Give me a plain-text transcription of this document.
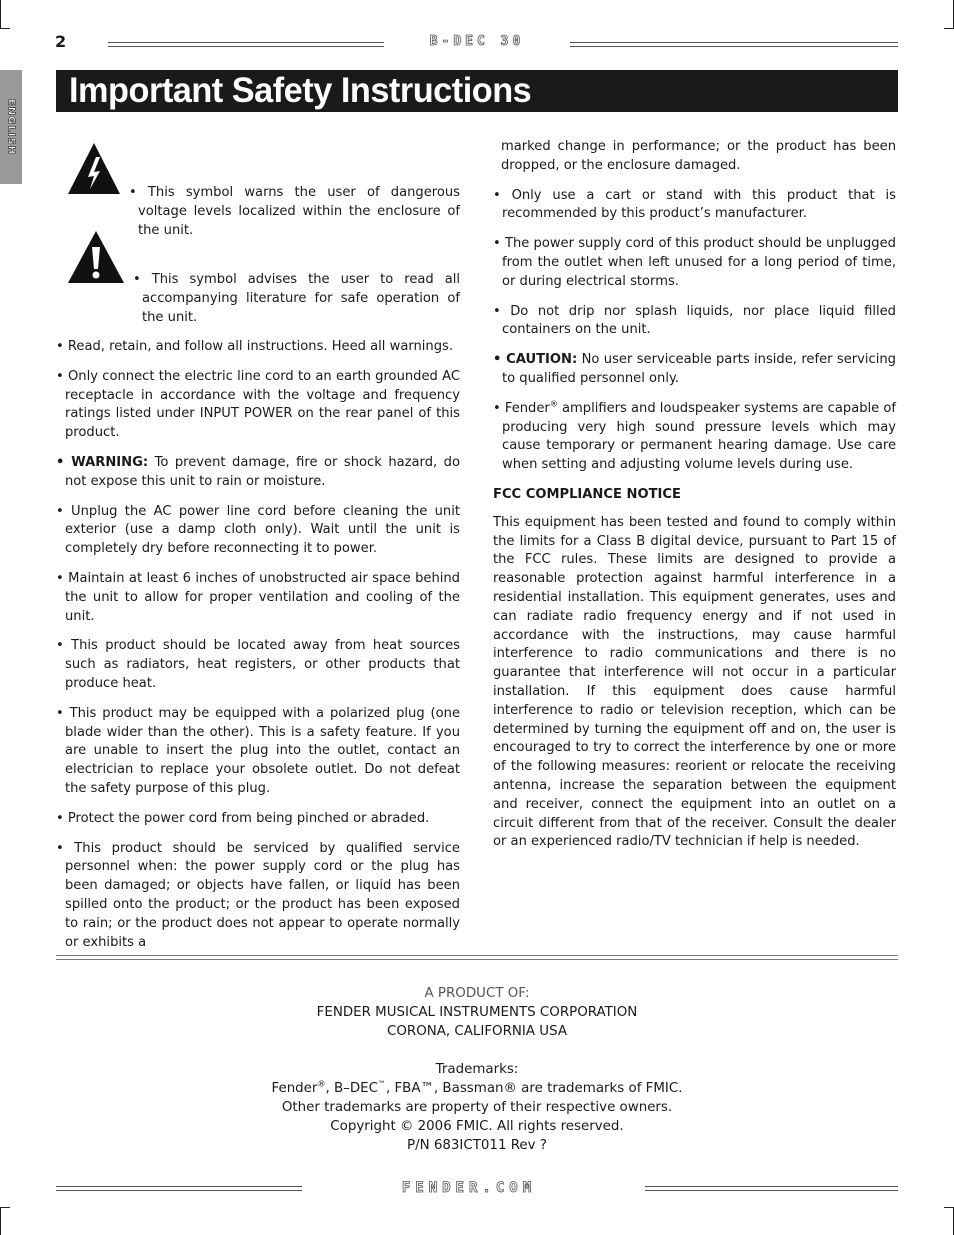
2	B-DEC 30
ENGLISH
Important Safety Instructions
• This symbol warns the user of dangerous voltage levels localized within the enclosure of the unit.
• This symbol advises the user to read all accompanying literature for safe operation of the unit.

• Read, retain, and follow all instructions. Heed all warnings.

• Only connect the electric line cord to an earth grounded AC receptacle in accordance with the voltage and frequency ratings listed under INPUT POWER on the rear panel of this product.

• WARNING: To prevent damage, fire or shock hazard, do not expose this unit to rain or moisture.

• Unplug the AC power line cord before cleaning the unit exterior (use a damp cloth only). Wait until the unit is completely dry before reconnecting it to power.

• Maintain at least 6 inches of unobstructed air space behind the unit to allow for proper ventilation and cooling of the unit.

• This product should be located away from heat sources such as radiators, heat registers, or other products that produce heat.

• This product may be equipped with a polarized plug (one blade wider than the other). This is a safety feature. If you are unable to insert the plug into the outlet, contact an electrician to replace your obsolete outlet. Do not defeat the safety purpose of this plug.

• Protect the power cord from being pinched or abraded.

• This product should be serviced by qualified service personnel when: the power supply cord or the plug has been damaged; or objects have fallen, or liquid has been spilled onto the product; or the product has been exposed to rain; or the product does not appear to operate normally or exhibits a

marked change in performance; or the product has been dropped, or the enclosure damaged.

• Only use a cart or stand with this product that is recommended by this product’s manufacturer.

• The power supply cord of this product should be unplugged from the outlet when left unused for a long period of time, or during electrical storms.

• Do not drip nor splash liquids, nor place liquid filled containers on the unit.

• CAUTION: No user serviceable parts inside, refer servicing to qualified personnel only.

• Fender® amplifiers and loudspeaker systems are capable of producing very high sound pressure levels which may cause temporary or permanent hearing damage. Use care when setting and adjusting volume levels during use.

FCC COMPLIANCE NOTICE

This equipment has been tested and found to comply within the limits for a Class B digital device, pursuant to Part 15 of the FCC rules. These limits are designed to provide a reasonable protection against harmful interference in a residential installation. This equipment generates, uses and can radiate radio frequency energy and if not used in accordance with the instructions, may cause harmful interference to radio communications and there is no guarantee that interference will not occur in a particular installation. If this equipment does cause harmful interference to radio or television reception, which can be determined by turning the equipment off and on, the user is encouraged to try to correct the interference by one or more of the following measures: reorient or relocate the receiving antenna, increase the separation between the equipment and receiver, connect the equipment into an outlet on a circuit different from that of the receiver. Consult the dealer or an experienced radio/TV technician if help is needed.

A PRODUCT OF:
FENDER MUSICAL INSTRUMENTS CORPORATION
CORONA, CALIFORNIA USA
Trademarks:
Fender®, B–DEC™, FBA™, Bassman® are trademarks of FMIC.
Other trademarks are property of their respective owners.
Copyright © 2006 FMIC. All rights reserved.
P/N 683ICT011 Rev ?
FENDER.COM
